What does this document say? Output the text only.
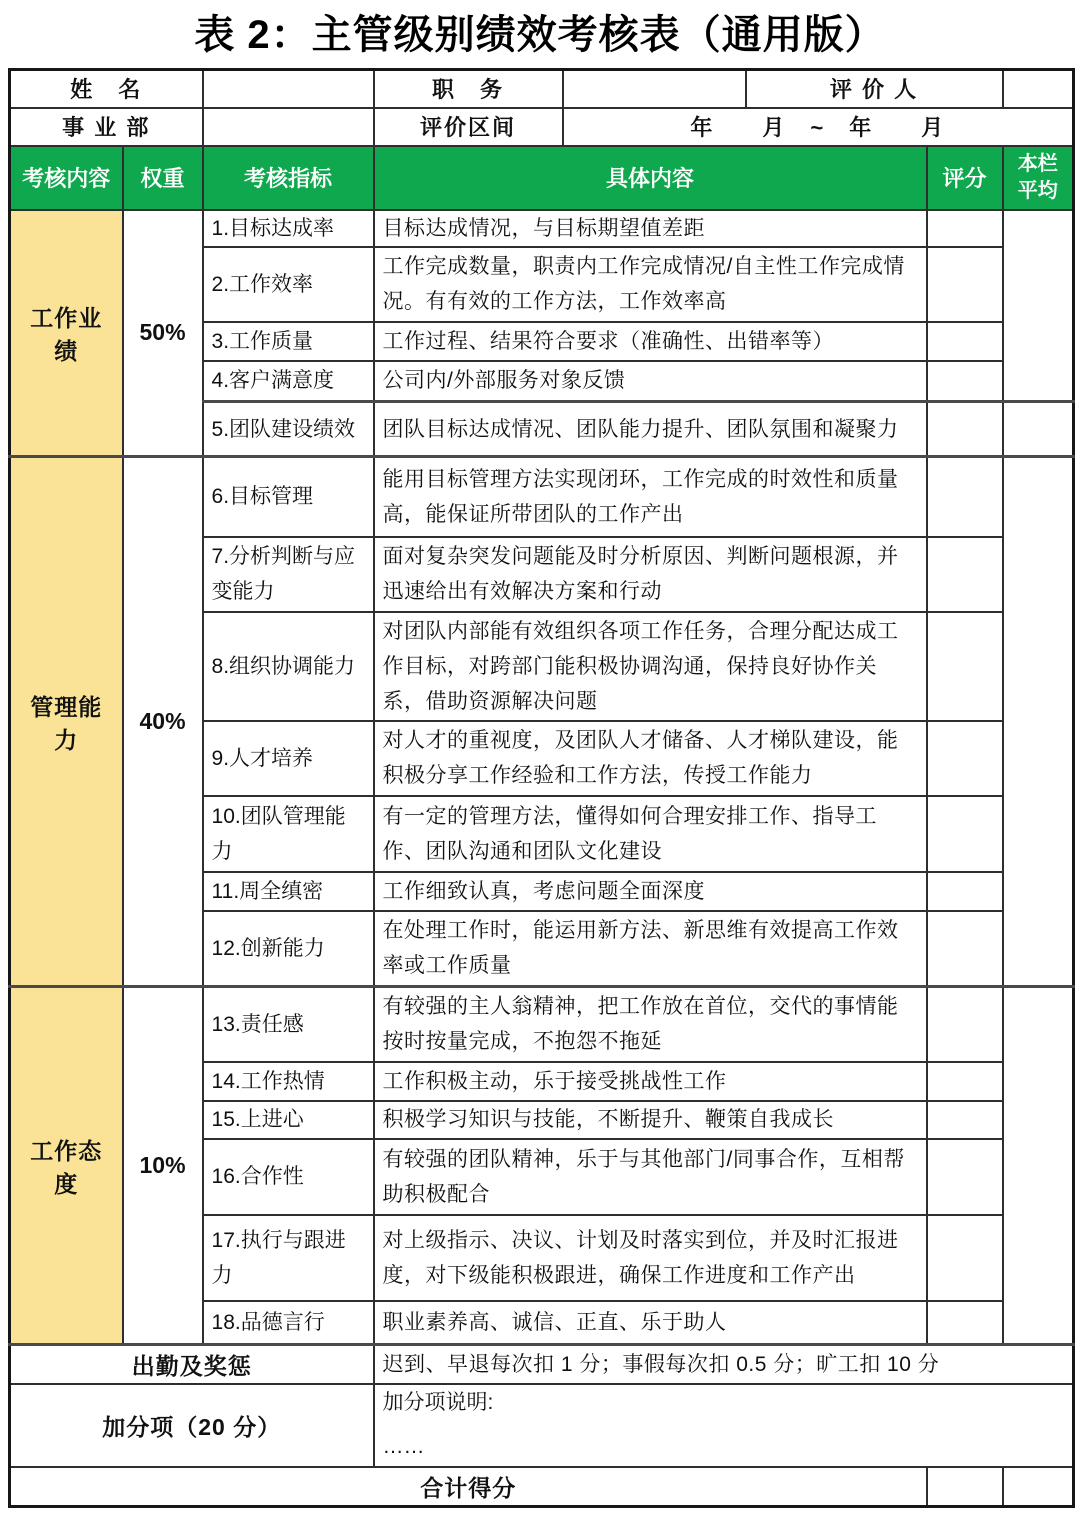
表 2：主管级别绩效考核表（通用版）
姓　名			职　务		评 价 人		
事 业 部			评价区间	年　　月　~　年　　月			
考核内容	权重	考核指标	具体内容			评分	本栏
平均

工作业绩	50%	1.目标达成率	目标达成情况，与目标期望值差距				
		2.工作效率	工作完成数量，职责内工作完成情况/自主性工作完成情况。有有效的工作方法，工作效率高				
		3.工作质量	工作过程、结果符合要求（准确性、出错率等）				
		4.客户满意度	公司内/外部服务对象反馈				
		5.团队建设绩效	团队目标达成情况、团队能力提升、团队氛围和凝聚力				
管理能力	40%	6.目标管理	能用目标管理方法实现闭环，工作完成的时效性和质量高，能保证所带团队的工作产出				
		7.分析判断与应变能力	面对复杂突发问题能及时分析原因、判断问题根源，并迅速给出有效解决方案和行动				
		8.组织协调能力	对团队内部能有效组织各项工作任务，合理分配达成工作目标，对跨部门能积极协调沟通，保持良好协作关系，借助资源解决问题				
		9.人才培养	对人才的重视度，及团队人才储备、人才梯队建设，能积极分享工作经验和工作方法，传授工作能力				
		10.团队管理能力	有一定的管理方法，懂得如何合理安排工作、指导工作、团队沟通和团队文化建设				
		11.周全缜密	工作细致认真，考虑问题全面深度				
		12.创新能力	在处理工作时，能运用新方法、新思维有效提高工作效率或工作质量				
工作态度	10%	13.责任感	有较强的主人翁精神，把工作放在首位，交代的事情能按时按量完成，不抱怨不拖延				
		14.工作热情	工作积极主动，乐于接受挑战性工作				
		15.上进心	积极学习知识与技能，不断提升、鞭策自我成长				
		16.合作性	有较强的团队精神，乐于与其他部门/同事合作，互相帮助积极配合				
		17.执行与跟进力	对上级指示、决议、计划及时落实到位，并及时汇报进度，对下级能积极跟进，确保工作进度和工作产出				
		18.品德言行	职业素养高、诚信、正直、乐于助人				
出勤及奖惩			迟到、早退每次扣 1 分；事假每次扣 0.5 分；旷工扣 10 分				
加分项（20 分）			加分项说明:
……				

合计得分							
